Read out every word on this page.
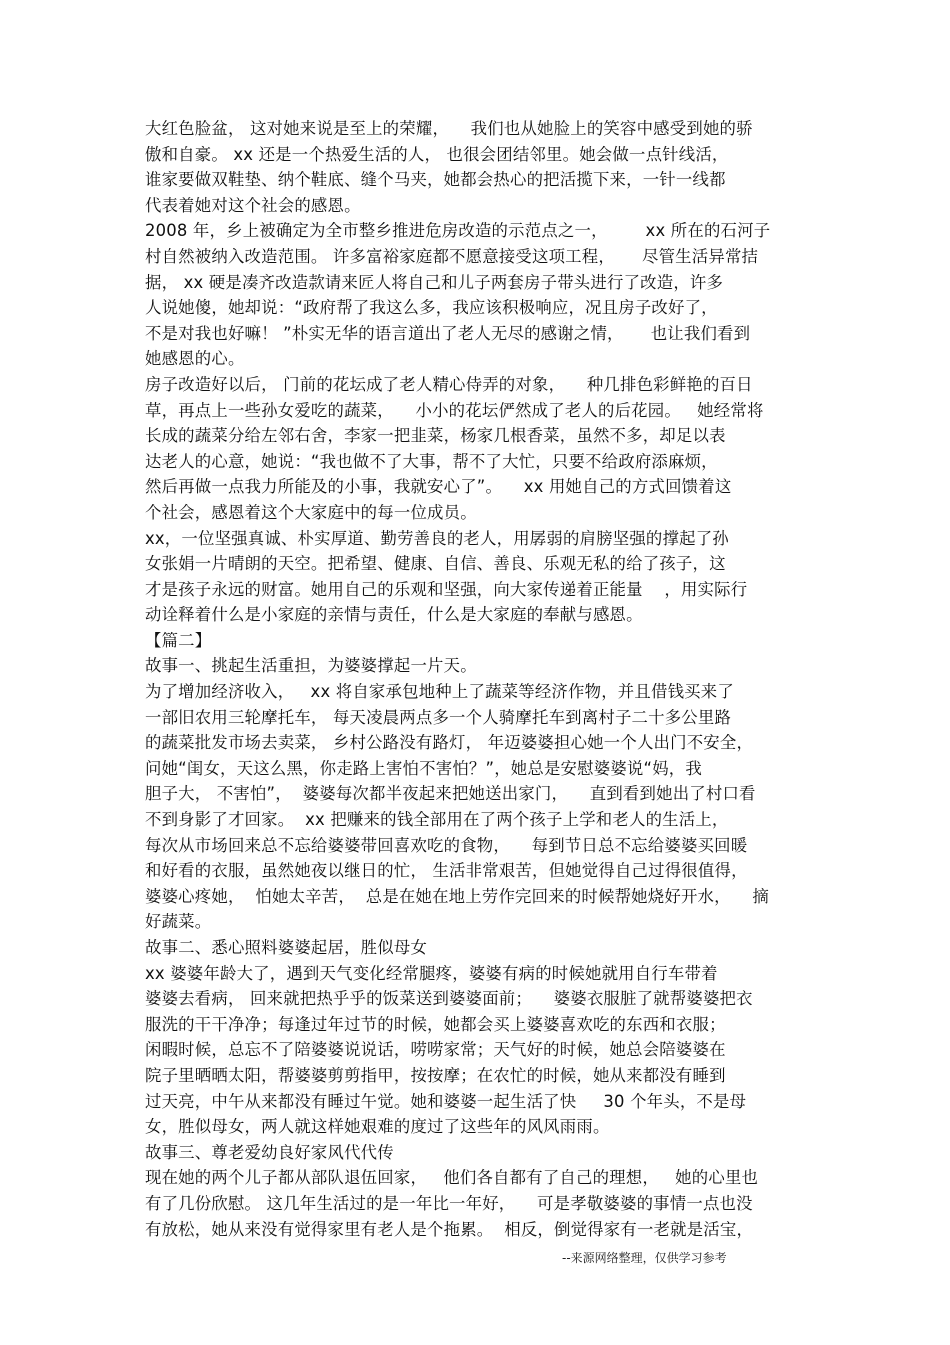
大红色脸盆， 这对她来说是至上的荣耀，    我们也从她脸上的笑容中感受到她的骄
傲和自豪。 xx 还是一个热爱生活的人， 也很会团结邻里。她会做一点针线活，
谁家要做双鞋垫、纳个鞋底、缝个马夹，她都会热心的把活揽下来，一针一线都
代表着她对这个社会的感恩。
2008 年，乡上被确定为全市整乡推进危房改造的示范点之一，       xx 所在的石河子
村自然被纳入改造范围。 许多富裕家庭都不愿意接受这项工程，     尽管生活异常拮
据， xx 硬是凑齐改造款请来匠人将自己和儿子两套房子带头进行了改造，许多
人说她傻，她却说：“政府帮了我这么多，我应该积极响应，况且房子改好了，
不是对我也好嘛！ ”朴实无华的语言道出了老人无尽的感谢之情，     也让我们看到
她感恩的心。
房子改造好以后， 门前的花坛成了老人精心侍弄的对象，    种几排色彩鲜艳的百日
草，再点上一些孙女爱吃的蔬菜，    小小的花坛俨然成了老人的后花园。   她经常将
长成的蔬菜分给左邻右舍，李家一把韭菜，杨家几根香菜，虽然不多，却足以表
达老人的心意，她说：“我也做不了大事，帮不了大忙，只要不给政府添麻烦，
然后再做一点我力所能及的小事，我就安心了”。    xx 用她自己的方式回馈着这
个社会，感恩着这个大家庭中的每一位成员。
xx，一位坚强真诚、朴实厚道、勤劳善良的老人，用孱弱的肩膀坚强的撑起了孙
女张娟一片晴朗的天空。把希望、健康、自信、善良、乐观无私的给了孩子，这
才是孩子永远的财富。她用自己的乐观和坚强，向大家传递着正能量    ，用实际行
动诠释着什么是小家庭的亲情与责任，什么是大家庭的奉献与感恩。
【篇二】
故事一、挑起生活重担，为婆婆撑起一片天。
为了增加经济收入，   xx 将自家承包地种上了蔬菜等经济作物，并且借钱买来了
一部旧农用三轮摩托车， 每天凌晨两点多一个人骑摩托车到离村子二十多公里路
的蔬菜批发市场去卖菜， 乡村公路没有路灯， 年迈婆婆担心她一个人出门不安全，
问她“闺女，天这么黑，你走路上害怕不害怕？”，她总是安慰婆婆说“妈，我
胆子大， 不害怕”，  婆婆每次都半夜起来把她送出家门，    直到看到她出了村口看
不到身影了才回家。  xx 把赚来的钱全部用在了两个孩子上学和老人的生活上，
每次从市场回来总不忘给婆婆带回喜欢吃的食物，    每到节日总不忘给婆婆买回暖
和好看的衣服，虽然她夜以继日的忙， 生活非常艰苦，但她觉得自己过得很值得，
婆婆心疼她，  怕她太辛苦，  总是在她在地上劳作完回来的时候帮她烧好开水，    摘
好蔬菜。
故事二、悉心照料婆婆起居，胜似母女
xx 婆婆年龄大了，遇到天气变化经常腿疼，婆婆有病的时候她就用自行车带着
婆婆去看病， 回来就把热乎乎的饭菜送到婆婆面前；    婆婆衣服脏了就帮婆婆把衣
服洗的干干净净；每逢过年过节的时候，她都会买上婆婆喜欢吃的东西和衣服；
闲暇时候，总忘不了陪婆婆说说话，唠唠家常；天气好的时候，她总会陪婆婆在
院子里晒晒太阳，帮婆婆剪剪指甲，按按摩；在农忙的时候，她从来都没有睡到
过天亮，中午从来都没有睡过午觉。她和婆婆一起生活了快     30 个年头，不是母
女，胜似母女，两人就这样她艰难的度过了这些年的风风雨雨。
故事三、尊老爱幼良好家风代代传
现在她的两个儿子都从部队退伍回家，   他们各自都有了自己的理想，   她的心里也
有了几份欣慰。 这几年生活过的是一年比一年好，    可是孝敬婆婆的事情一点也没
有放松，她从来没有觉得家里有老人是个拖累。  相反，倒觉得家有一老就是活宝，
--来源网络整理，仅供学习参考
